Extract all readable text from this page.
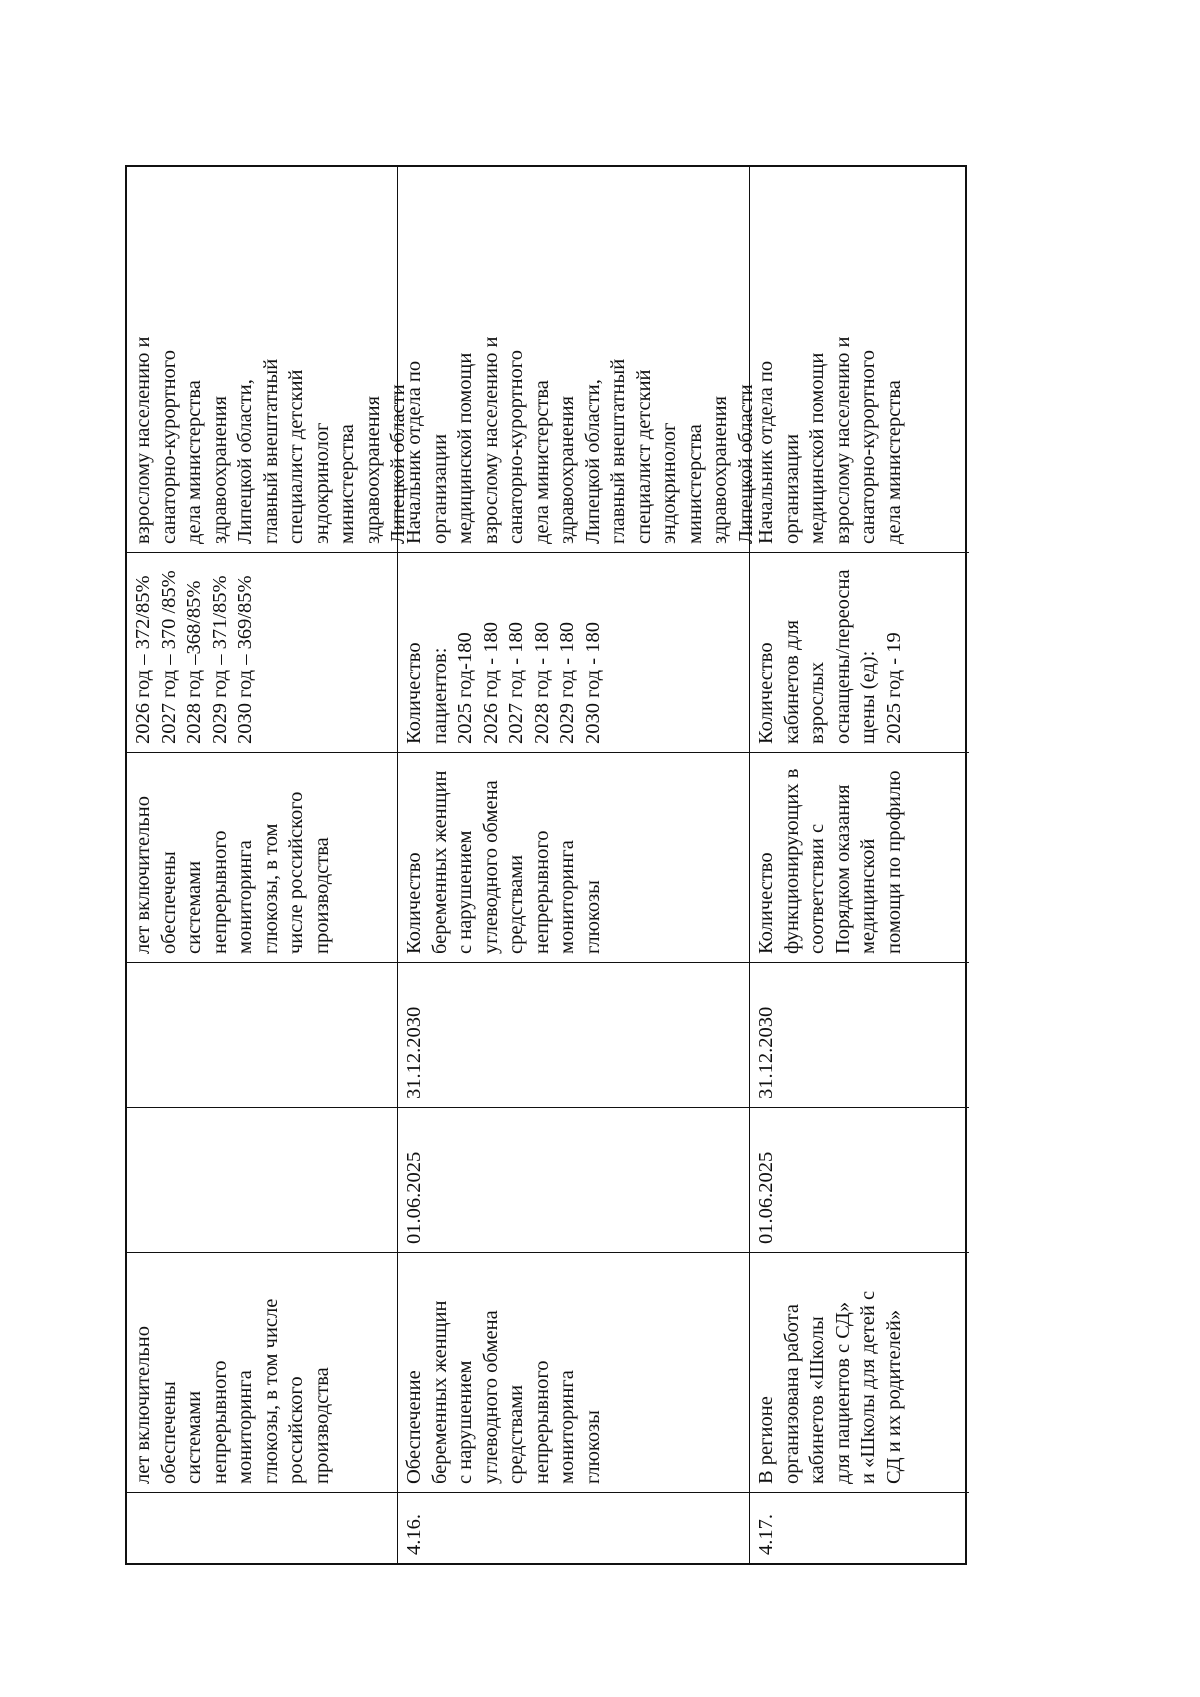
лет включительно
обеспечены
системами
непрерывного
мониторинга
глюкозы, в том числе
российского
производства
лет включительно
обеспечены
системами
непрерывного
мониторинга
глюкозы, в том
числе российского
производства
2026 год – 372/85%
2027 год – 370 /85%
2028 год –368/85%
2029 год – 371/85%
2030 год – 369/85%
взрослому населению и
санаторно-курортного
дела министерства
здравоохранения
Липецкой области,
главный внештатный
специалист детский
эндокринолог
министерства
здравоохранения
Липецкой области
4.16.
Обеспечение
беременных женщин
с нарушением
углеводного обмена
средствами
непрерывного
мониторинга
глюкозы
01.06.2025
31.12.2030
Количество
беременных женщин
с нарушением
углеводного обмена
средствами
непрерывного
мониторинга
глюкозы
Количество
пациентов:
2025 год-180
2026 год - 180
2027 год - 180
2028 год - 180
2029 год - 180
2030 год - 180
Начальник отдела по
организации
медицинской помощи
взрослому населению и
санаторно-курортного
дела министерства
здравоохранения
Липецкой области,
главный внештатный
специалист детский
эндокринолог
министерства
здравоохранения
Липецкой области
4.17.
В регионе
организована работа
кабинетов «Школы
для пациентов с СД»
и «Школы для детей с
СД и их родителей»
01.06.2025
31.12.2030
Количество
функционирующих в
соответствии с
Порядком оказания
медицинской
помощи по профилю
Количество
кабинетов для
взрослых
оснащены/переосна
щены (ед):
2025 год - 19
Начальник отдела по
организации
медицинской помощи
взрослому населению и
санаторно-курортного
дела министерства
